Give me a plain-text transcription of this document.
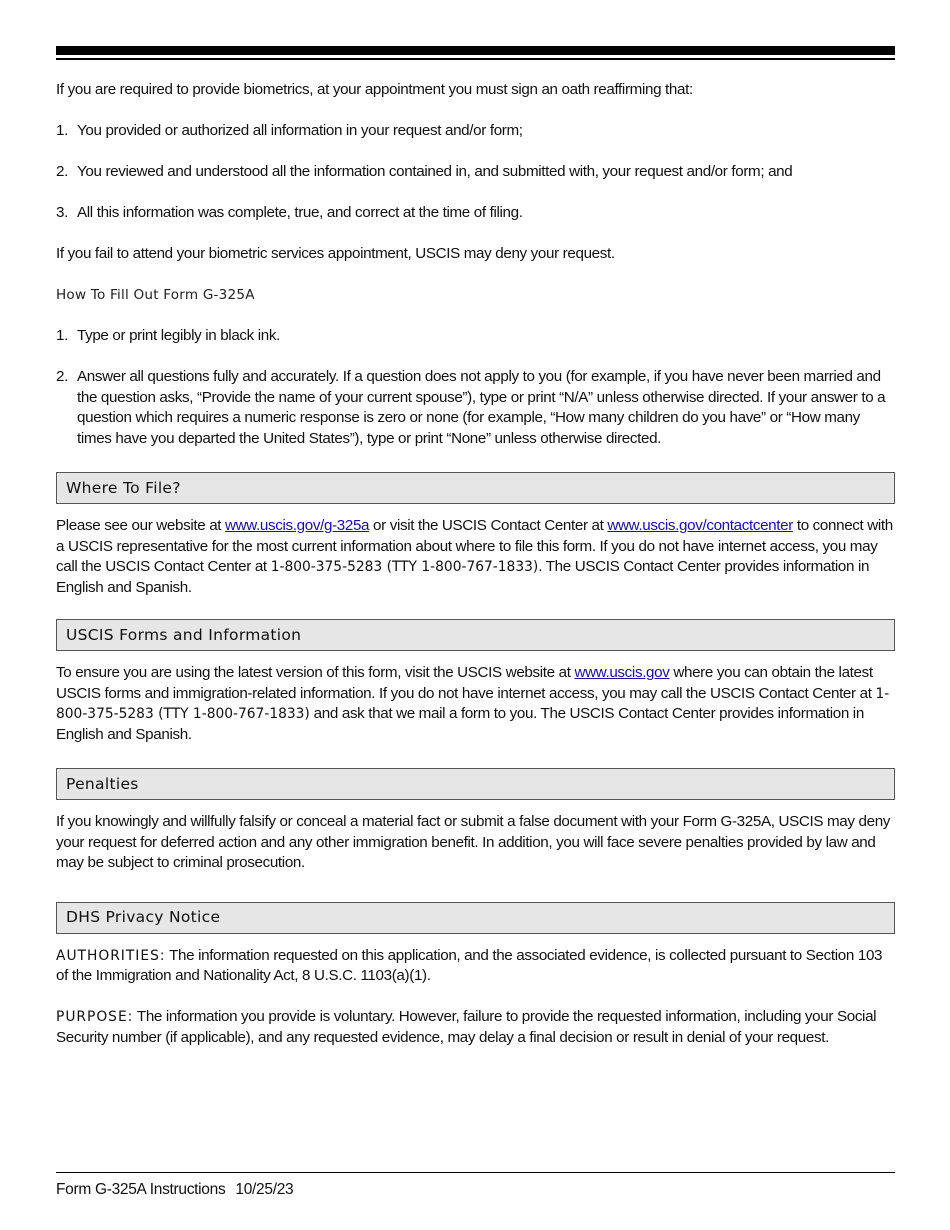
If you are required to provide biometrics, at your appointment you must sign an oath reaffirming that:

1. You provided or authorized all information in your request and/or form;
2. You reviewed and understood all the information contained in, and submitted with, your request and/or form; and
3. All this information was complete, true, and correct at the time of filing.

If you fail to attend your biometric services appointment, USCIS may deny your request.

How To Fill Out Form G-325A
1. Type or print legibly in black ink.
2. Answer all questions fully and accurately. If a question does not apply to you (for example, if you have never been married and the question asks, “Provide the name of your current spouse”), type or print “N/A” unless otherwise directed. If your answer to a question which requires a numeric response is zero or none (for example, “How many children do you have” or “How many times have you departed the United States”), type or print “None” unless otherwise directed.
Where To File?

Please see our website at www.uscis.gov/g-325a or visit the USCIS Contact Center at www.uscis.gov/contactcenter to connect with a USCIS representative for the most current information about where to file this form. If you do not have internet access, you may call the USCIS Contact Center at 1-800-375-5283 (TTY 1-800-767-1833). The USCIS Contact Center provides information in English and Spanish.

USCIS Forms and Information

To ensure you are using the latest version of this form, visit the USCIS website at www.uscis.gov where you can obtain the latest USCIS forms and immigration-related information. If you do not have internet access, you may call the USCIS Contact Center at 1-800-375-5283 (TTY 1-800-767-1833) and ask that we mail a form to you. The USCIS Contact Center provides information in English and Spanish.

Penalties

If you knowingly and willfully falsify or conceal a material fact or submit a false document with your Form G-325A, USCIS may deny your request for deferred action and any other immigration benefit. In addition, you will face severe penalties provided by law and may be subject to criminal prosecution.

DHS Privacy Notice

AUTHORITIES: The information requested on this application, and the associated evidence, is collected pursuant to Section 103 of the Immigration and Nationality Act, 8 U.S.C. 1103(a)(1).

PURPOSE: The information you provide is voluntary. However, failure to provide the requested information, including your Social Security number (if applicable), and any requested evidence, may delay a final decision or result in denial of your request.

Form G-325A Instructions 10/25/23
